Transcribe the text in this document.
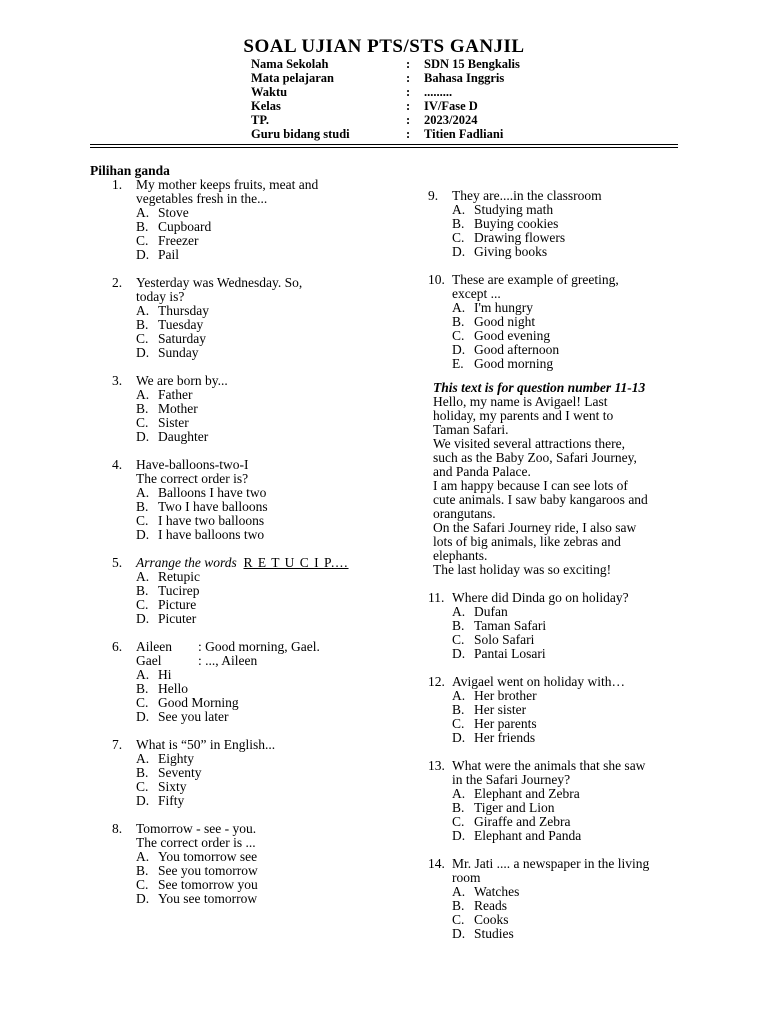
SOAL UJIAN PTS/STS GANJIL
Nama Sekolah	: SDN 15 Bengkalis
Mata pelajaran	: Bahasa Inggris
Waktu	: .........
Kelas	: IV/Fase D
TP.	: 2023/2024
Guru bidang studi	: Titien Fadliani
Pilihan ganda
1. My mother keeps fruits, meat and
vegetables fresh in the...
A. Stove
B. Cupboard
C. Freezer
D. Pail
2. Yesterday was Wednesday. So,
today is?
A. Thursday
B. Tuesday
C. Saturday
D. Sunday
3. We are born by...
A. Father
B. Mother
C. Sister
D. Daughter
4. Have-balloons-two-I
The correct order is?
A. Balloons I have two
B. Two I have balloons
C. I have two balloons
D. I have balloons two
5. Arrange the words R E T U C I P....
A. Retupic
B. Tucirep
C. Picture
D. Picuter
6. Aileen : Good morning, Gael.
Gael	: ..., Aileen
A. Hi
B. Hello
C. Good Morning
D. See you later
7. What is “50” in English...
A. Eighty
B. Seventy
C. Sixty
D. Fifty
8. Tomorrow - see - you.
The correct order is ...
A. You tomorrow see
B. See you tomorrow
C. See tomorrow you
D. You see tomorrow
9. They are....in the classroom
A. Studying math
B. Buying cookies
C. Drawing flowers
D. Giving books
10. These are example of greeting,
except ...
A. I'm hungry
B. Good night
C. Good evening
D. Good afternoon
E. Good morning
This text is for question number 11-13
Hello, my name is Avigael! Last
holiday, my parents and I went to
Taman Safari.
We visited several attractions there,
such as the Baby Zoo, Safari Journey,
and Panda Palace.
I am happy because I can see lots of
cute animals. I saw baby kangaroos and
orangutans.
On the Safari Journey ride, I also saw
lots of big animals, like zebras and
elephants.
The last holiday was so exciting!
11. Where did Dinda go on holiday?
A. Dufan
B. Taman Safari
C. Solo Safari
D. Pantai Losari
12. Avigael went on holiday with…
A. Her brother
B. Her sister
C. Her parents
D. Her friends
13. What were the animals that she saw
in the Safari Journey?
A. Elephant and Zebra
B. Tiger and Lion
C. Giraffe and Zebra
D. Elephant and Panda
14. Mr. Jati .... a newspaper in the living
room
A. Watches
B. Reads
C. Cooks
D. Studies
